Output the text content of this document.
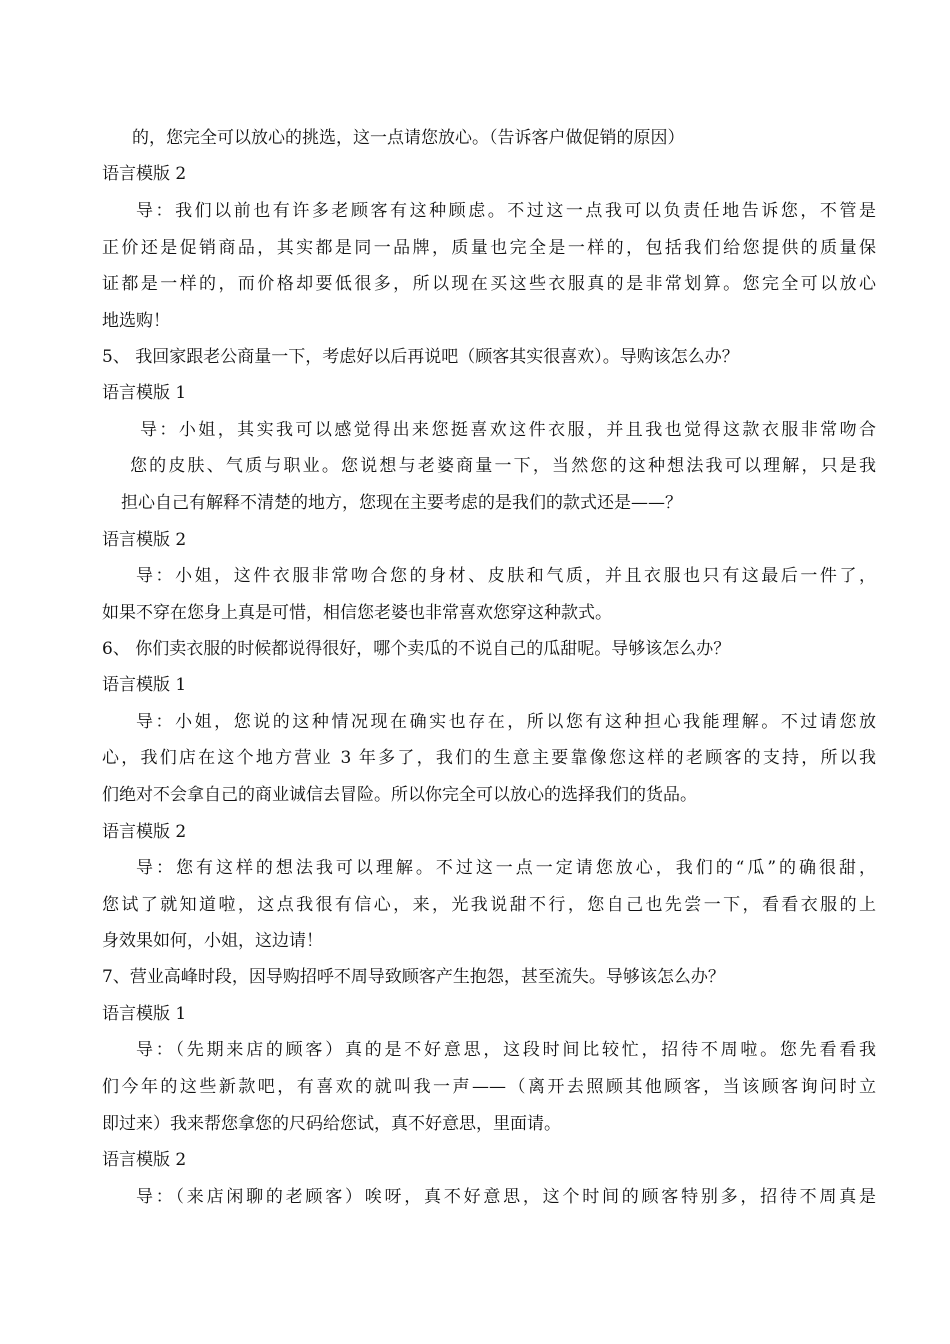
的，您完全可以放心的挑选，这一点请您放心。（告诉客户做促销的原因）
语言模版 2
导：我们以前也有许多老顾客有这种顾虑。不过这一点我可以负责任地告诉您，不管是
正价还是促销商品，其实都是同一品牌，质量也完全是一样的，包括我们给您提供的质量保
证都是一样的，而价格却要低很多，所以现在买这些衣服真的是非常划算。您完全可以放心
地选购！
5、 我回家跟老公商量一下，考虑好以后再说吧（顾客其实很喜欢）。导购该怎么办？
语言模版 1
导：小姐，其实我可以感觉得出来您挺喜欢这件衣服，并且我也觉得这款衣服非常吻合
您的皮肤、气质与职业。您说想与老婆商量一下，当然您的这种想法我可以理解，只是我
担心自己有解释不清楚的地方，您现在主要考虑的是我们的款式还是——？
语言模版 2
导：小姐，这件衣服非常吻合您的身材、皮肤和气质，并且衣服也只有这最后一件了，
如果不穿在您身上真是可惜，相信您老婆也非常喜欢您穿这种款式。
6、 你们卖衣服的时候都说得很好，哪个卖瓜的不说自己的瓜甜呢。导够该怎么办？
语言模版 1
导：小姐，您说的这种情况现在确实也存在，所以您有这种担心我能理解。不过请您放
心，我们店在这个地方营业 3 年多了，我们的生意主要靠像您这样的老顾客的支持，所以我
们绝对不会拿自己的商业诚信去冒险。所以你完全可以放心的选择我们的货品。
语言模版 2
导：您有这样的想法我可以理解。不过这一点一定请您放心，我们的“瓜”的确很甜，
您试了就知道啦，这点我很有信心，来，光我说甜不行，您自己也先尝一下，看看衣服的上
身效果如何，小姐，这边请！
7、营业高峰时段，因导购招呼不周导致顾客产生抱怨，甚至流失。导够该怎么办？
语言模版 1
导：（先期来店的顾客）真的是不好意思，这段时间比较忙，招待不周啦。您先看看我
们今年的这些新款吧，有喜欢的就叫我一声——（离开去照顾其他顾客，当该顾客询问时立
即过来）我来帮您拿您的尺码给您试，真不好意思，里面请。
语言模版 2
导：（来店闲聊的老顾客）唉呀，真不好意思，这个时间的顾客特别多，招待不周真是
